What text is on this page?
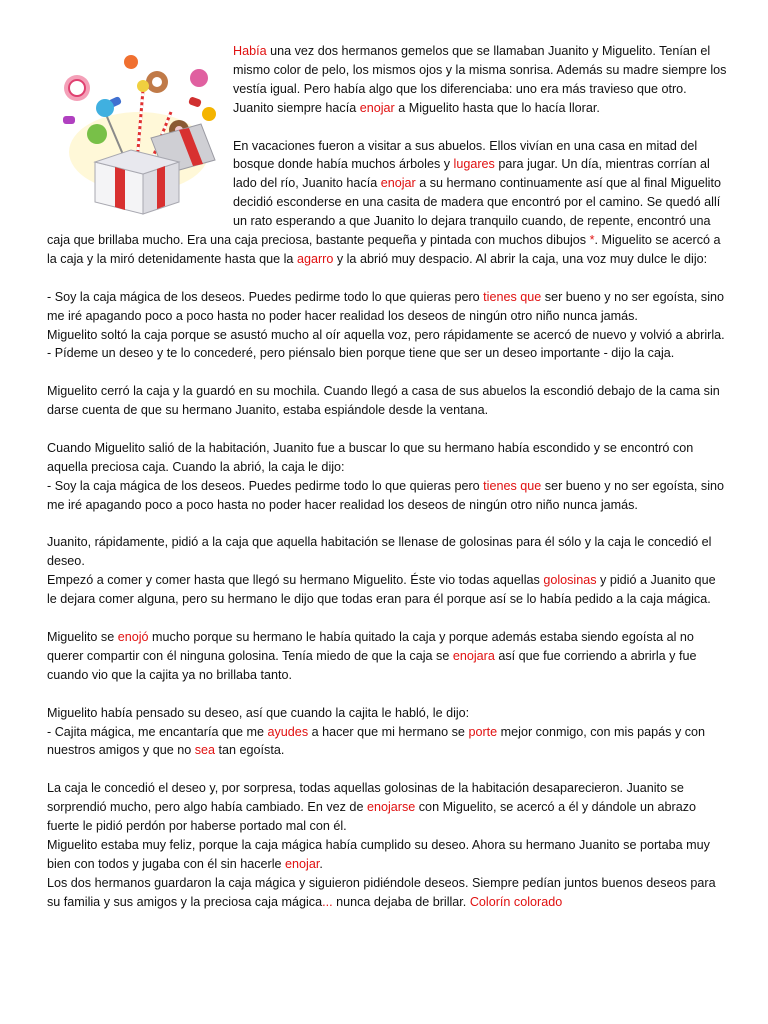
Había una vez dos hermanos gemelos que se llamaban Juanito y Miguelito. Tenían el mismo color de pelo, los mismos ojos y la misma sonrisa. Además su madre siempre los vestía igual. Pero había algo que los diferenciaba: uno era más travieso que otro. Juanito siempre hacía enojar a Miguelito hasta que lo hacía llorar.

En vacaciones fueron a visitar a sus abuelos. Ellos vivían en una casa en mitad del bosque donde había muchos árboles y lugares para jugar. Un día, mientras corrían al lado del río, Juanito hacía enojar a su hermano continuamente así que al final Miguelito decidió esconderse en una casita de madera que encontró por el camino. Se quedó allí un rato esperando a que Juanito lo dejara tranquilo cuando, de repente, encontró una caja que brillaba mucho. Era una caja preciosa, bastante pequeña y pintada con muchos dibujos *. Miguelito se acercó a la caja y la miró detenidamente hasta que la agarro y la abrió muy despacio. Al abrir la caja, una voz muy dulce le dijo:

- Soy la caja mágica de los deseos. Puedes pedirme todo lo que quieras pero tienes que ser bueno y no ser egoísta, sino me iré apagando poco a poco hasta no poder hacer realidad los deseos de ningún otro niño nunca jamás.
Miguelito soltó la caja porque se asustó mucho al oír aquella voz, pero rápidamente se acercó de nuevo y volvió a abrirla.
- Pídeme un deseo y te lo concederé, pero piénsalo bien porque tiene que ser un deseo importante - dijo la caja.

Miguelito cerró la caja y la guardó en su mochila. Cuando llegó a casa de sus abuelos la escondió debajo de la cama sin darse cuenta de que su hermano Juanito, estaba espiándole desde la ventana.

Cuando Miguelito salió de la habitación, Juanito fue a buscar lo que su hermano había escondido y se encontró con aquella preciosa caja. Cuando la abrió, la caja le dijo:
- Soy la caja mágica de los deseos. Puedes pedirme todo lo que quieras pero tienes que ser bueno y no ser egoísta, sino me iré apagando poco a poco hasta no poder hacer realidad los deseos de ningún otro niño nunca jamás.

Juanito, rápidamente, pidió a la caja que aquella habitación se llenase de golosinas para él sólo y la caja le concedió el deseo.
Empezó a comer y comer hasta que llegó su hermano Miguelito. Éste vio todas aquellas golosinas y pidió a Juanito que le dejara comer alguna, pero su hermano le dijo que todas eran para él porque así se lo había pedido a la caja mágica.

Miguelito se enojó mucho porque su hermano le había quitado la caja y porque además estaba siendo egoísta al no querer compartir con él ninguna golosina. Tenía miedo de que la caja se enojara así que fue corriendo a abrirla y fue cuando vio que la cajita ya no brillaba tanto.

Miguelito había pensado su deseo, así que cuando la cajita le habló, le dijo:
- Cajita mágica, me encantaría que me ayudes a hacer que mi hermano se porte mejor conmigo, con mis papás y con nuestros amigos y que no sea tan egoísta.

La caja le concedió el deseo y, por sorpresa, todas aquellas golosinas de la habitación desaparecieron. Juanito se sorprendió mucho, pero algo había cambiado. En vez de enojarse con Miguelito, se acercó a él y dándole un abrazo fuerte le pidió perdón por haberse portado mal con él.
Miguelito estaba muy feliz, porque la caja mágica había cumplido su deseo. Ahora su hermano Juanito se portaba muy bien con todos y jugaba con él sin hacerle enojar.
Los dos hermanos guardaron la caja mágica y siguieron pidiéndole deseos. Siempre pedían juntos buenos deseos para su familia y sus amigos y la preciosa caja mágica... nunca dejaba de brillar. Colorín colorado
